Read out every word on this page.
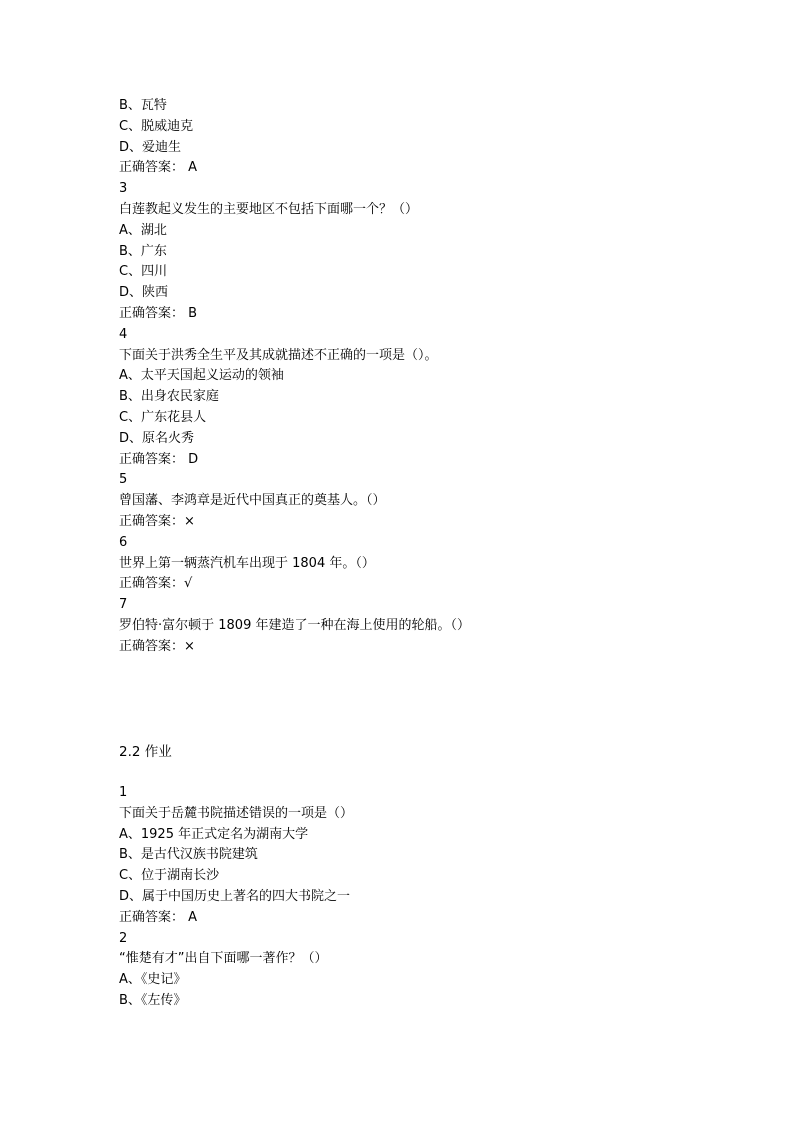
B、瓦特
C、脱威迪克
D、爱迪生
正确答案： A
3
白莲教起义发生的主要地区不包括下面哪一个？（）
A、湖北
B、广东
C、四川
D、陕西
正确答案： B
4
下面关于洪秀全生平及其成就描述不正确的一项是（）。
A、太平天国起义运动的领袖
B、出身农民家庭
C、广东花县人
D、原名火秀
正确答案： D
5
曾国藩、李鸿章是近代中国真正的奠基人。（）
正确答案：×
6
世界上第一辆蒸汽机车出现于 1804 年。（）
正确答案：√
7
罗伯特·富尔顿于 1809 年建造了一种在海上使用的轮船。（）
正确答案：×
2.2 作业
1
下面关于岳麓书院描述错误的一项是（）
A、1925 年正式定名为湖南大学
B、是古代汉族书院建筑
C、位于湖南长沙
D、属于中国历史上著名的四大书院之一
正确答案： A
2
“惟楚有才”出自下面哪一著作？（）
A、《史记》
B、《左传》
